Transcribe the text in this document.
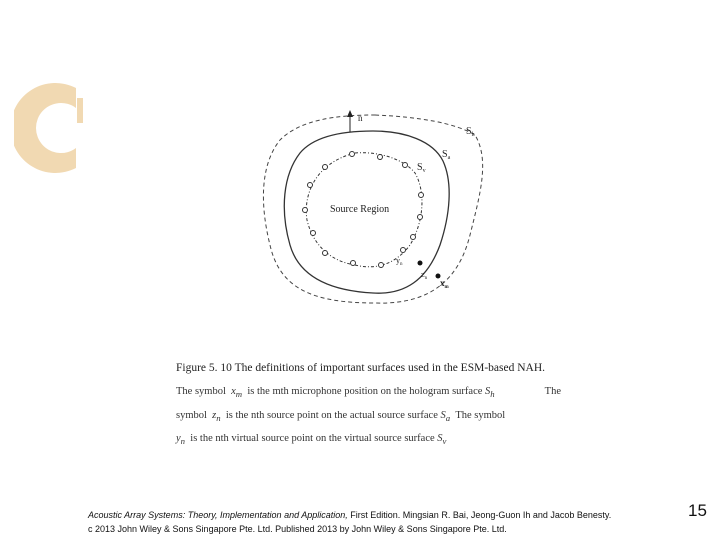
n
$S_h$
$S_a$
$S_v$
Source Region
$y_n$
$z_n$ $x_m$
Figure 5. 10 The definitions of important surfaces used in the ESM-based NAH.
The symbol $x_m$ is the mth microphone position on the hologram surface $S_h$	The
symbol $z_n$ is the nth source point on the actual source surface $S_a$ The symbol
$y_n$ is the nth virtual source point on the virtual source surface $S_v$
Acoustic Array Systems: Theory, Implementation and Application, First Edition. Mingsian R. Bai, Jeong-Guon Ih and Jacob Benesty.
c 2013 John Wiley & Sons Singapore Pte. Ltd. Published 2013 by John Wiley & Sons Singapore Pte. Ltd.
15
